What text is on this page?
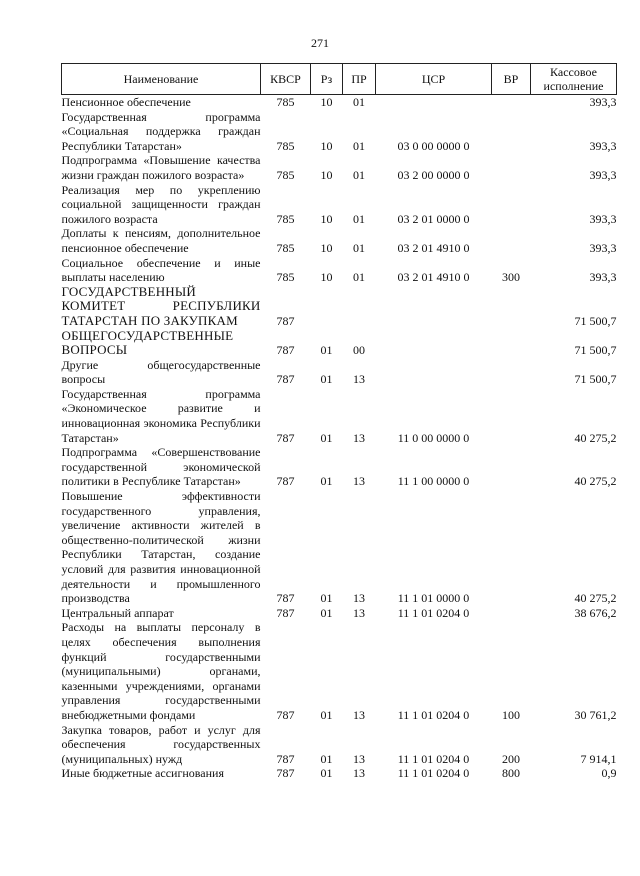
271
Наименование	КВСР	Рз	ПР	ЦСР	ВР	Кассовое исполнение
Пенсионное обеспечение	785	10	01			393,3
Государственная программа «Социальная поддержка граждан Республики Татарстан»	785	10	01	03 0 00 0000 0		393,3
Подпрограмма «Повышение качества жизни граждан пожилого возраста»	785	10	01	03 2 00 0000 0		393,3
Реализация мер по укреплению социальной защищенности граждан пожилого возраста	785	10	01	03 2 01 0000 0		393,3
Доплаты к пенсиям, дополнительное пенсионное обеспечение	785	10	01	03 2 01 4910 0		393,3
Социальное обеспечение и иные выплаты населению	785	10	01	03 2 01 4910 0	300	393,3
ГОСУДАРСТВЕННЫЙ КОМИТЕТ РЕСПУБЛИКИ ТАТАРСТАН ПО ЗАКУПКАМ	787					71 500,7
ОБЩЕГОСУДАРСТВЕННЫЕ ВОПРОСЫ	787	01	00			71 500,7
Другие общегосударственные вопросы	787	01	13			71 500,7
Государственная программа «Экономическое развитие и инновационная экономика Республики Татарстан»	787	01	13	11 0 00 0000 0		40 275,2
Подпрограмма «Совершенствование государственной экономической политики в Республике Татарстан»	787	01	13	11 1 00 0000 0		40 275,2
Повышение эффективности государственного управления, увеличение активности жителей в общественно-политической жизни Республики Татарстан, создание условий для развития инновационной деятельности и промышленного производства	787	01	13	11 1 01 0000 0		40 275,2
Центральный аппарат	787	01	13	11 1 01 0204 0		38 676,2
Расходы на выплаты персоналу в целях обеспечения выполнения функций государственными (муниципальными) органами, казенными учреждениями, органами управления государственными внебюджетными фондами	787	01	13	11 1 01 0204 0	100	30 761,2
Закупка товаров, работ и услуг для обеспечения государственных (муниципальных) нужд	787	01	13	11 1 01 0204 0	200	7 914,1
Иные бюджетные ассигнования	787	01	13	11 1 01 0204 0	800	0,9
